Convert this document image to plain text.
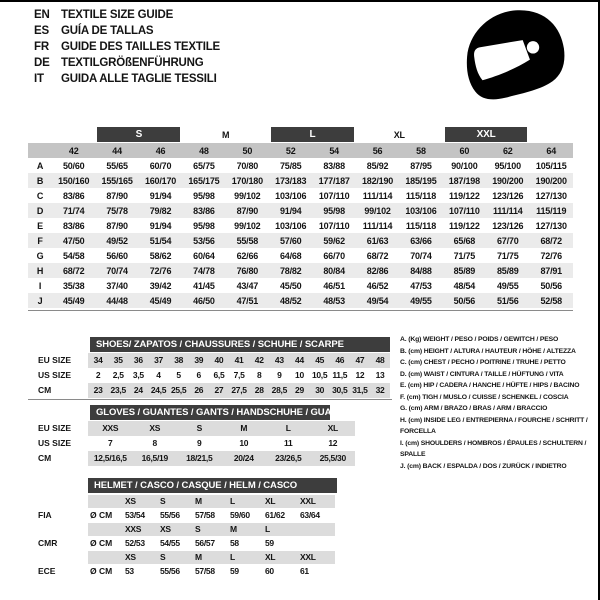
EN TEXTILE SIZE GUIDE
ES	GUÍA DE TALLAS
FR	GUIDE DES TAILLES TEXTILE
DE TEXTILGRÖßENFÜHRUNG
IT	GUIDA ALLE TAGLIE TESSILI

		S		M		L		XL		XXL		

	42	44	46	48	50	52	54	56	58	60	62	64
A	50/60	55/65	60/70	65/75	70/80	75/85	83/88	85/92	87/95	90/100	95/100	105/115
B	150/160	155/165	160/170	165/175	170/180	173/183	177/187	182/190	185/195	187/198	190/200	190/200
C	83/86	87/90	91/94	95/98	99/102	103/106	107/110	111/114	115/118	119/122	123/126	127/130
D	71/74	75/78	79/82	83/86	87/90	91/94	95/98	99/102	103/106	107/110	111/114	115/119
E	83/86	87/90	91/94	95/98	99/102	103/106	107/110	111/114	115/118	119/122	123/126	127/130
F	47/50	49/52	51/54	53/56	55/58	57/60	59/62	61/63	63/66	65/68	67/70	68/72
G	54/58	56/60	58/62	60/64	62/66	64/68	66/70	68/72	70/74	71/75	71/75	72/76
H	68/72	70/74	72/76	74/78	76/80	78/82	80/84	82/86	84/88	85/89	85/89	87/91
I	35/38	37/40	39/42	41/45	43/47	45/50	46/51	46/52	47/53	48/54	49/55	50/56
J	45/49	44/48	45/49	46/50	47/51	48/52	48/53	49/54	49/55	50/56	51/56	52/58
SHOES/ ZAPATOS / CHAUSSURES / SCHUHE / SCARPE
EU SIZE	34	35	36	37	38	39	40	41	42	43	44	45	46	47	48
US SIZE	2	2,5	3,5	4	5	6	6,5	7,5	8	9	10 10,5 11,5 12	13
CM	23 23,5 24 24,5 25,5 26	27 27,5 28 28,5 29	30 30,5 31,5 32
GLOVES / GUANTES / GANTS / HANDSCHUHE / GUANTI
EU SIZE	XXS	XS	S	M	L	XL
US SIZE	7	8	9	10	11	12
CM	12,5/16,5	16,5/19	18/21,5	20/24	23/26,5	25,5/30
HELMET / CASCO / CASQUE / HELM / CASCO
XS	S	M	L	XL	XXL
FIA	Ø CM	53/54	55/56	57/58	59/60	61/62	63/64
XXS	XS	S	M	L
CMR	Ø CM	52/53	54/55	56/57	58	59
XS	S	M	L	XL	XXL
ECE	Ø CM	53	55/56	57/58	59	60	61
A. (Kg) WEIGHT / PESO / POIDS / GEWITCH / PESO
B. (cm) HEIGHT / ALTURA / HAUTEUR / HÖHE / ALTEZZA
C. (cm) CHEST / PECHO / POITRINE / TRUHE / PETTO
D. (cm) WAIST / CINTURA / TAILLE / HÜFTUNG / VITA
E. (cm) HIP / CADERA / HANCHE / HÜFTE / HIPS / BACINO
F. (cm) TIGH / MUSLO / CUISSE / SCHENKEL / COSCIA
G. (cm) ARM / BRAZO / BRAS / ARM / BRACCIO
H. (cm) INSIDE LEG / ENTREPIERNA / FOURCHE / SCHRITT / FORCELLA
I. (cm) SHOULDERS / HOMBROS / ÉPAULES / SCHULTERN / SPALLE
J. (cm) BACK / ESPALDA / DOS / ZURÜCK / INDIETRO
